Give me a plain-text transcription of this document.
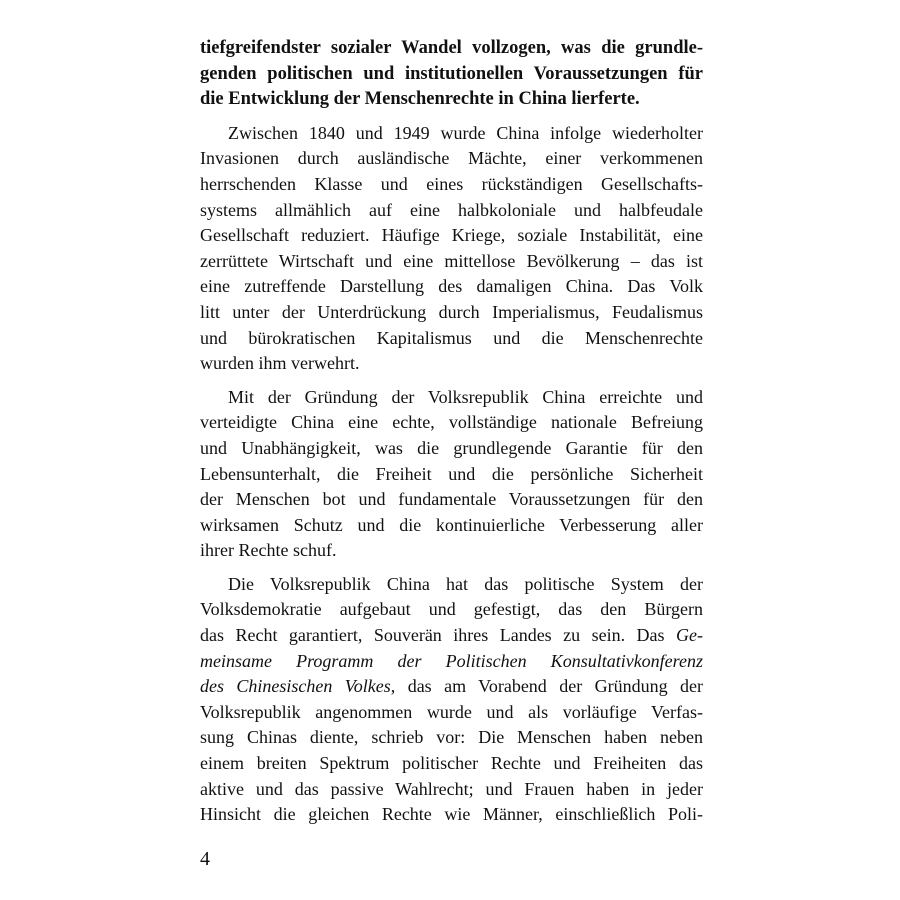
tiefgreifendster sozialer Wandel vollzogen, was die grundle-
genden politischen und institutionellen Voraussetzungen für
die Entwicklung der Menschenrechte in China lierferte.
Zwischen 1840 und 1949 wurde China infolge wiederholter
Invasionen durch ausländische Mächte, einer verkommenen
herrschenden Klasse und eines rückständigen Gesellschafts-
systems allmählich auf eine halbkoloniale und halbfeudale
Gesellschaft reduziert. Häufige Kriege, soziale Instabilität, eine
zerrüttete Wirtschaft und eine mittellose Bevölkerung – das ist
eine zutreffende Darstellung des damaligen China. Das Volk
litt unter der Unterdrückung durch Imperialismus, Feudalismus
und bürokratischen Kapitalismus und die Menschenrechte
wurden ihm verwehrt.
Mit der Gründung der Volksrepublik China erreichte und
verteidigte China eine echte, vollständige nationale Befreiung
und Unabhängigkeit, was die grundlegende Garantie für den
Lebensunterhalt, die Freiheit und die persönliche Sicherheit
der Menschen bot und fundamentale Voraussetzungen für den
wirksamen Schutz und die kontinuierliche Verbesserung aller
ihrer Rechte schuf.
Die Volksrepublik China hat das politische System der
Volksdemokratie aufgebaut und gefestigt, das den Bürgern
das Recht garantiert, Souverän ihres Landes zu sein. Das Ge-
meinsame Programm der Politischen Konsultativkonferenz
des Chinesischen Volkes, das am Vorabend der Gründung der
Volksrepublik angenommen wurde und als vorläufige Verfas-
sung Chinas diente, schrieb vor: Die Menschen haben neben
einem breiten Spektrum politischer Rechte und Freiheiten das
aktive und das passive Wahlrecht; und Frauen haben in jeder
Hinsicht die gleichen Rechte wie Männer, einschließlich Poli-
4
